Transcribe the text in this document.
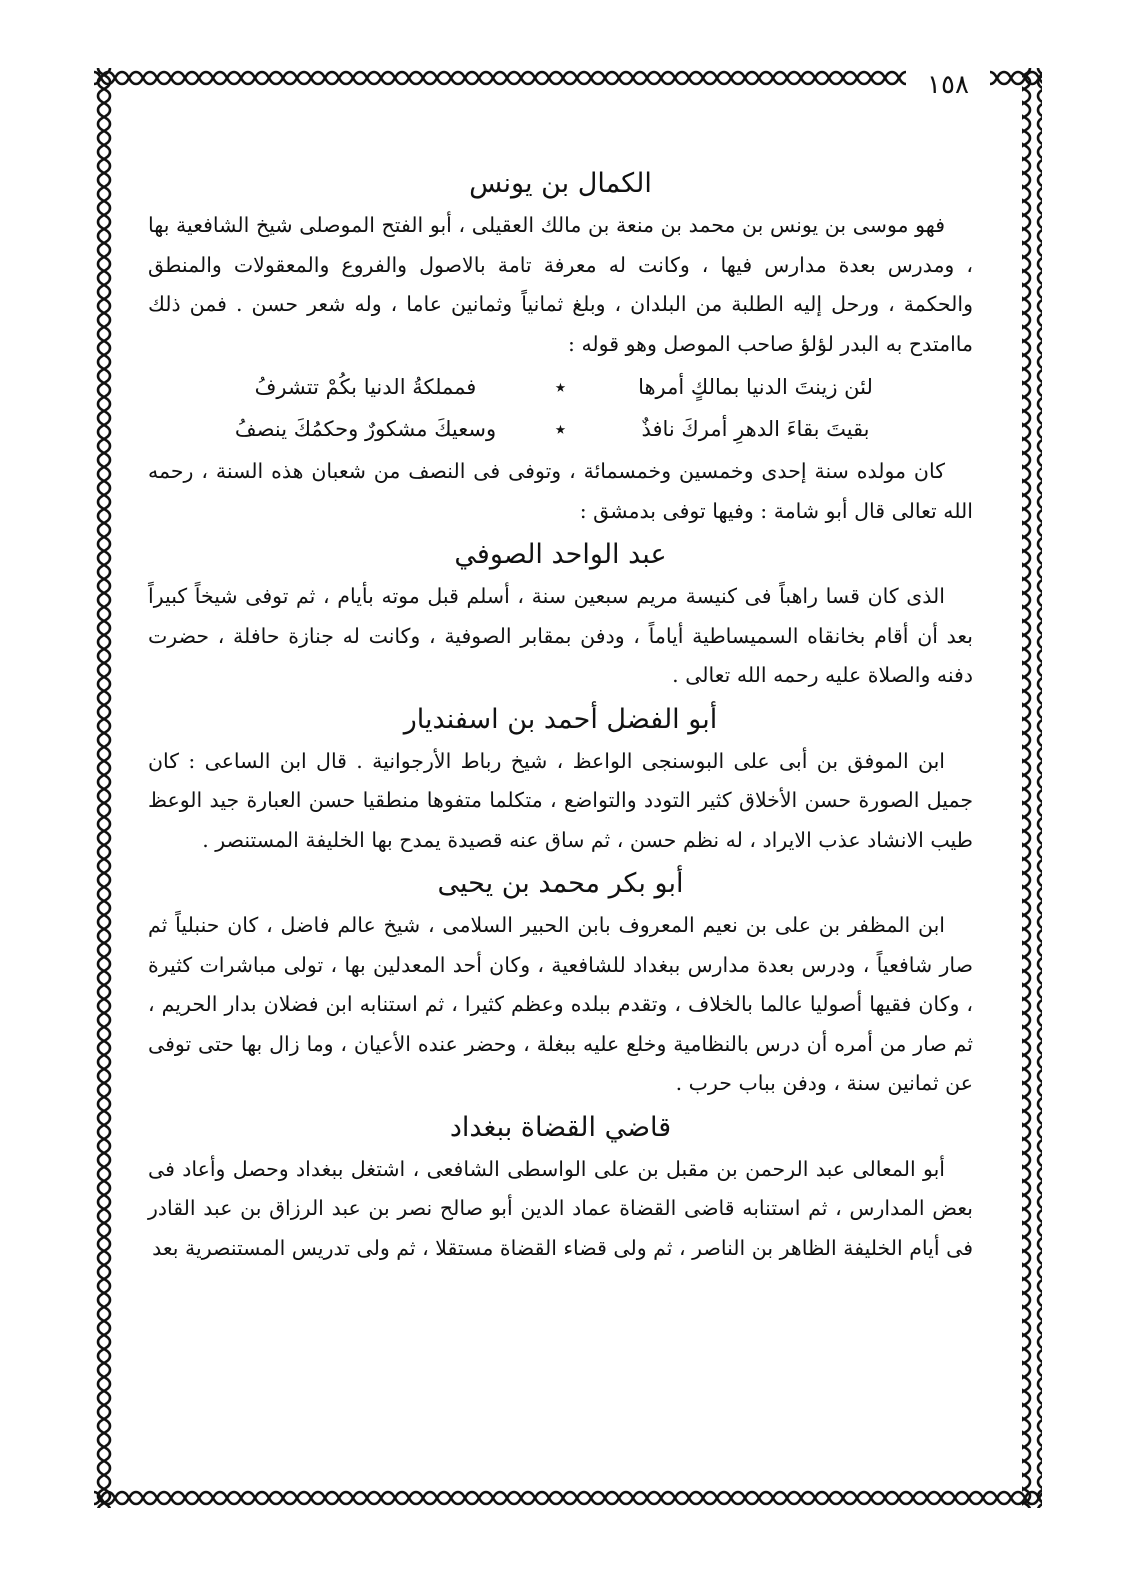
١٥٨
الكمال بن يونس

فهو موسى بن يونس بن محمد بن منعة بن مالك العقيلى ، أبو الفتح الموصلى شيخ الشافعية بها ، ومدرس بعدة مدارس فيها ، وكانت له معرفة تامة بالاصول والفروع والمعقولات والمنطق والحكمة ، ورحل إليه الطلبة من البلدان ، وبلغ ثمانياً وثمانين عاما ، وله شعر حسن . فمن ذلك ماامتدح به البدر لؤلؤ صاحب الموصل وهو قوله :

لئن زينتَ الدنيا بمالكٍ أمرها
٭
فمملكةُ الدنيا بكُمْ تتشرفُ
بقيتَ بقاءَ الدهرِ أمركَ نافذٌ
٭
وسعيكَ مشكورٌ وحكمُكَ ينصفُ

كان مولده سنة إحدى وخمسين وخمسمائة ، وتوفى فى النصف من شعبان هذه السنة ، رحمه الله تعالى قال أبو شامة : وفيها توفى بدمشق :

عبد الواحد الصوفي

الذى كان قسا راهباً فى كنيسة مريم سبعين سنة ، أسلم قبل موته بأيام ، ثم توفى شيخاً كبيراً بعد أن أقام بخانقاه السميساطية أياماً ، ودفن بمقابر الصوفية ، وكانت له جنازة حافلة ، حضرت دفنه والصلاة عليه رحمه الله تعالى .

أبو الفضل أحمد بن اسفنديار

ابن الموفق بن أبى على البوسنجى الواعظ ، شيخ رباط الأرجوانية . قال ابن الساعى : كان جميل الصورة حسن الأخلاق كثير التودد والتواضع ، متكلما متفوها منطقيا حسن العبارة جيد الوعظ طيب الانشاد عذب الايراد ، له نظم حسن ، ثم ساق عنه قصيدة يمدح بها الخليفة المستنصر .

أبو بكر محمد بن يحيى

ابن المظفر بن على بن نعيم المعروف بابن الحبير السلامى ، شيخ عالم فاضل ، كان حنبلياً ثم صار شافعياً ، ودرس بعدة مدارس ببغداد للشافعية ، وكان أحد المعدلين بها ، تولى مباشرات كثيرة ، وكان فقيها أصوليا عالما بالخلاف ، وتقدم ببلده وعظم كثيرا ، ثم استنابه ابن فضلان بدار الحريم ، ثم صار من أمره أن درس بالنظامية وخلع عليه ببغلة ، وحضر عنده الأعيان ، وما زال بها حتى توفى عن ثمانين سنة ، ودفن بباب حرب .

قاضي القضاة ببغداد

أبو المعالى عبد الرحمن بن مقبل بن على الواسطى الشافعى ، اشتغل ببغداد وحصل وأعاد فى بعض المدارس ، ثم استنابه قاضى القضاة عماد الدين أبو صالح نصر بن عبد الرزاق بن عبد القادر فى أيام الخليفة الظاهر بن الناصر ، ثم ولى قضاء القضاة مستقلا ، ثم ولى تدريس المستنصرية بعد
